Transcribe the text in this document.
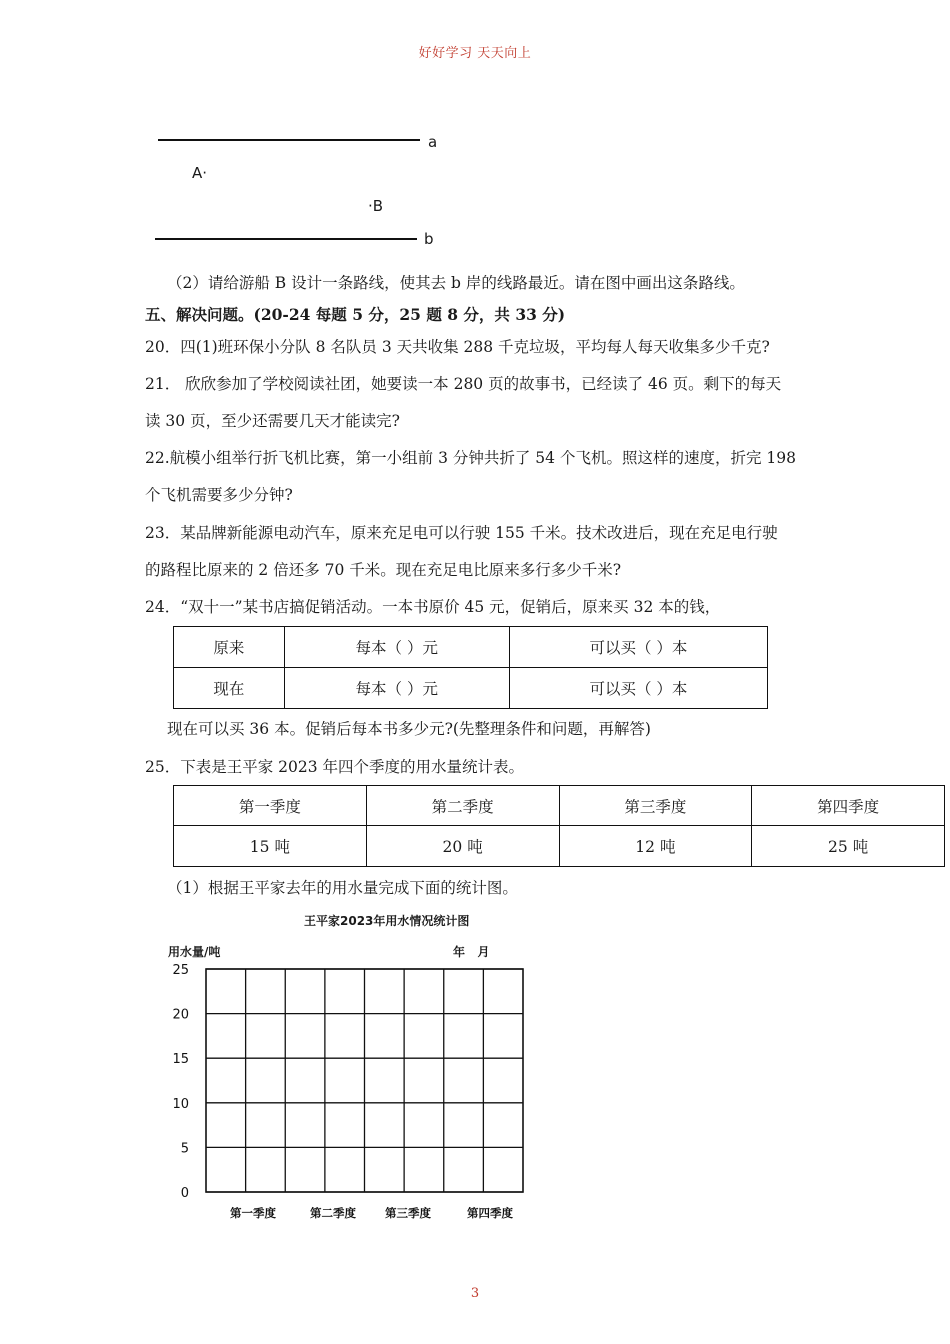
好好学习 天天向上
a
A·
·B
b
（2）请给游船 B 设计一条路线，使其去 b 岸的线路最近。请在图中画出这条路线。
五、解决问题。(20-24 每题 5 分，25 题 8 分，共 33 分)
20．四(1)班环保小分队 8 名队员 3 天共收集 288 千克垃圾，平均每人每天收集多少千克?
21． 欣欣参加了学校阅读社团，她要读一本 280 页的故事书，已经读了 46 页。剩下的每天
读 30 页，至少还需要几天才能读完?
22.航模小组举行折飞机比赛，第一小组前 3 分钟共折了 54 个飞机。照这样的速度，折完 198
个飞机需要多少分钟?
23．某品牌新能源电动汽车，原来充足电可以行驶 155 千米。技术改进后，现在充足电行驶
的路程比原来的 2 倍还多 70 千米。现在充足电比原来多行多少千米?
24．“双十一”某书店搞促销活动。一本书原价 45 元，促销后，原来买 32 本的钱，
原来	每本（ ）元	可以买（ ）本
现在	每本（ ）元	可以买（ ）本
现在可以买 36 本。促销后每本书多少元?(先整理条件和问题，再解答)
25．下表是王平家 2023 年四个季度的用水量统计表。
第一季度	第二季度	第三季度	第四季度
15 吨	20 吨	12 吨	25 吨
（1）根据王平家去年的用水量完成下面的统计图。
王平家2023年用水情况统计图
用水量/吨	年   月
0
5
10
15
20
25
第一季度	第二季度	第三季度	第四季度
3
